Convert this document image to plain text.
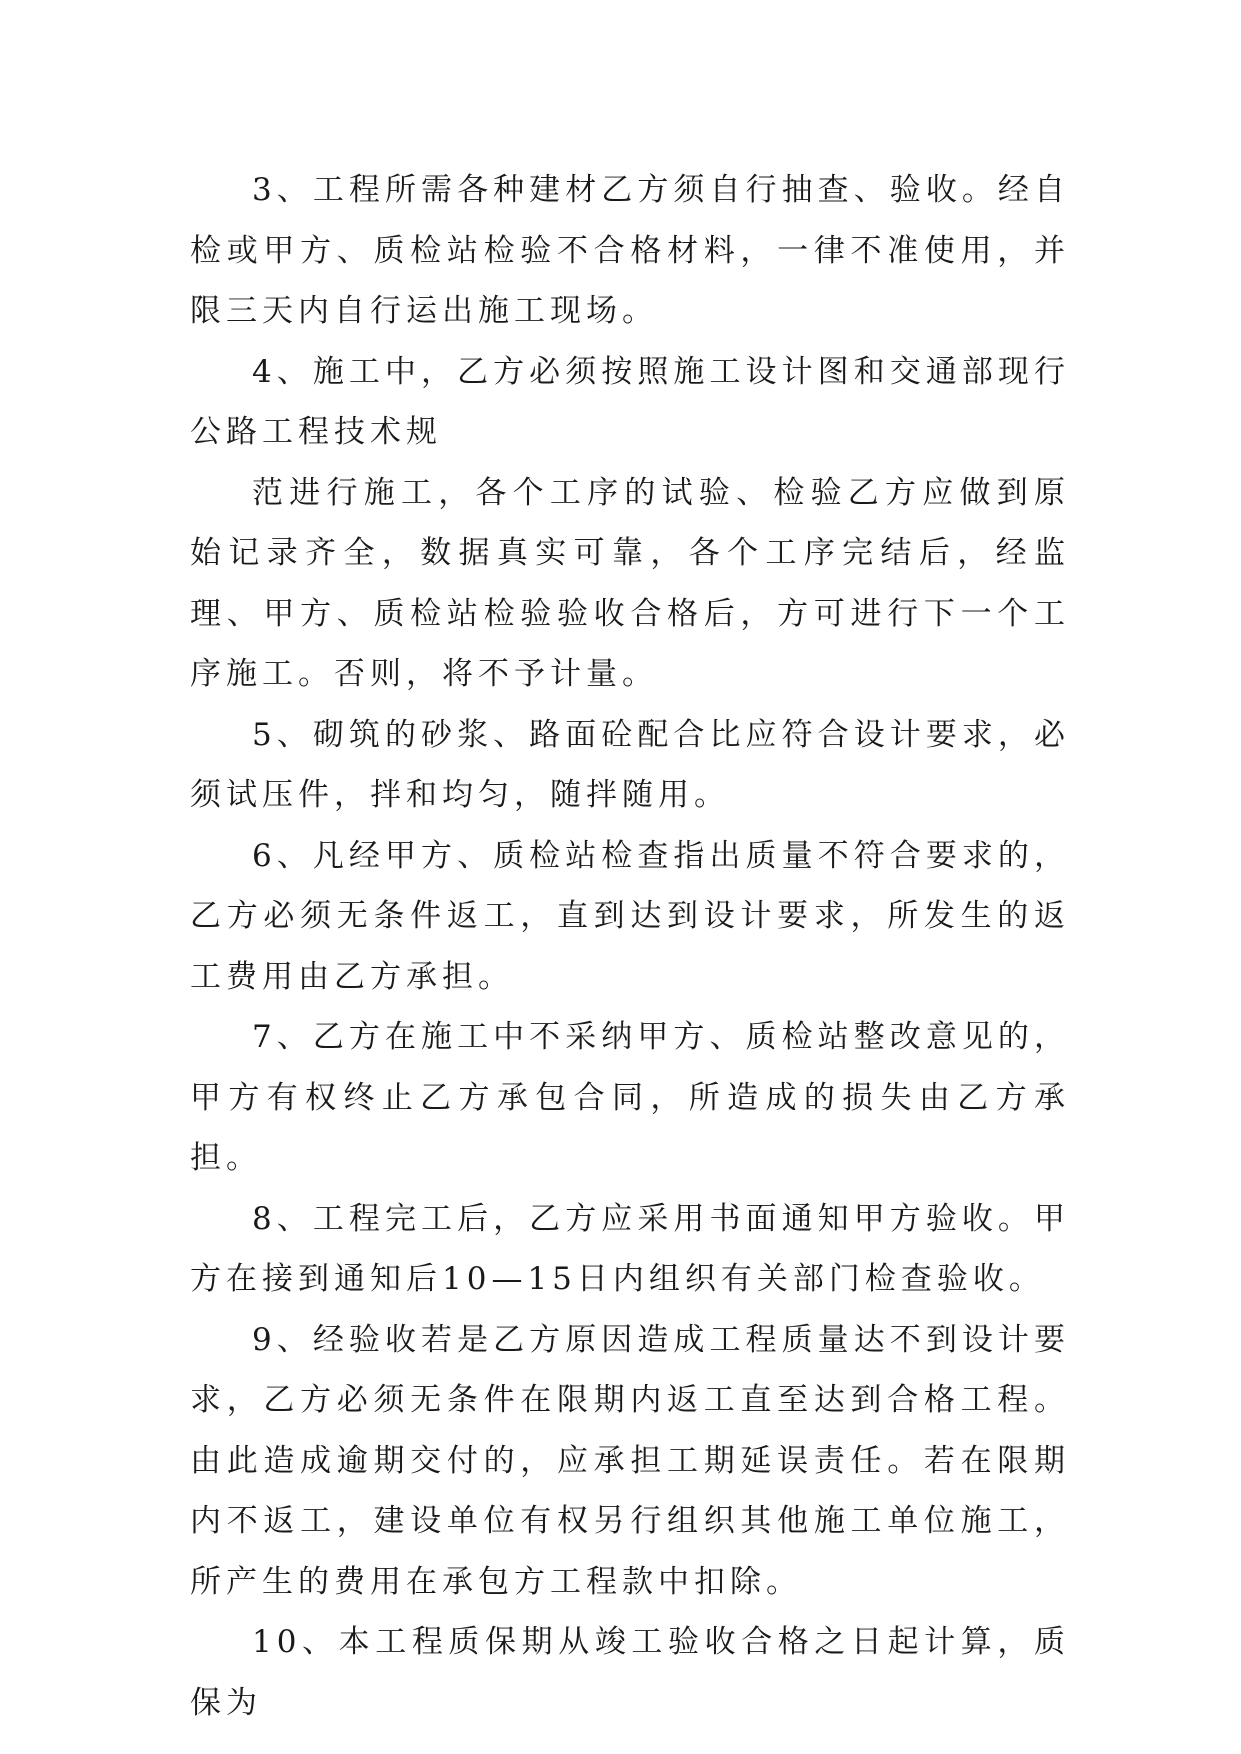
3、工程所需各种建材乙方须自行抽查、验收。经自检或甲方、质检站检验不合格材料，一律不准使用，并限三天内自行运出施工现场。

4、施工中，乙方必须按照施工设计图和交通部现行公路工程技术规

范进行施工，各个工序的试验、检验乙方应做到原始记录齐全，数据真实可靠，各个工序完结后，经监理、甲方、质检站检验验收合格后，方可进行下一个工序施工。否则，将不予计量。

5、砌筑的砂浆、路面砼配合比应符合设计要求，必须试压件，拌和均匀，随拌随用。

6、凡经甲方、质检站检查指出质量不符合要求的，乙方必须无条件返工，直到达到设计要求，所发生的返工费用由乙方承担。

7、乙方在施工中不采纳甲方、质检站整改意见的，甲方有权终止乙方承包合同，所造成的损失由乙方承担。

8、工程完工后，乙方应采用书面通知甲方验收。甲方在接到通知后10—15日内组织有关部门检查验收。

9、经验收若是乙方原因造成工程质量达不到设计要求，乙方必须无条件在限期内返工直至达到合格工程。由此造成逾期交付的，应承担工期延误责任。若在限期内不返工，建设单位有权另行组织其他施工单位施工，所产生的费用在承包方工程款中扣除。

10、本工程质保期从竣工验收合格之日起计算，质保为
